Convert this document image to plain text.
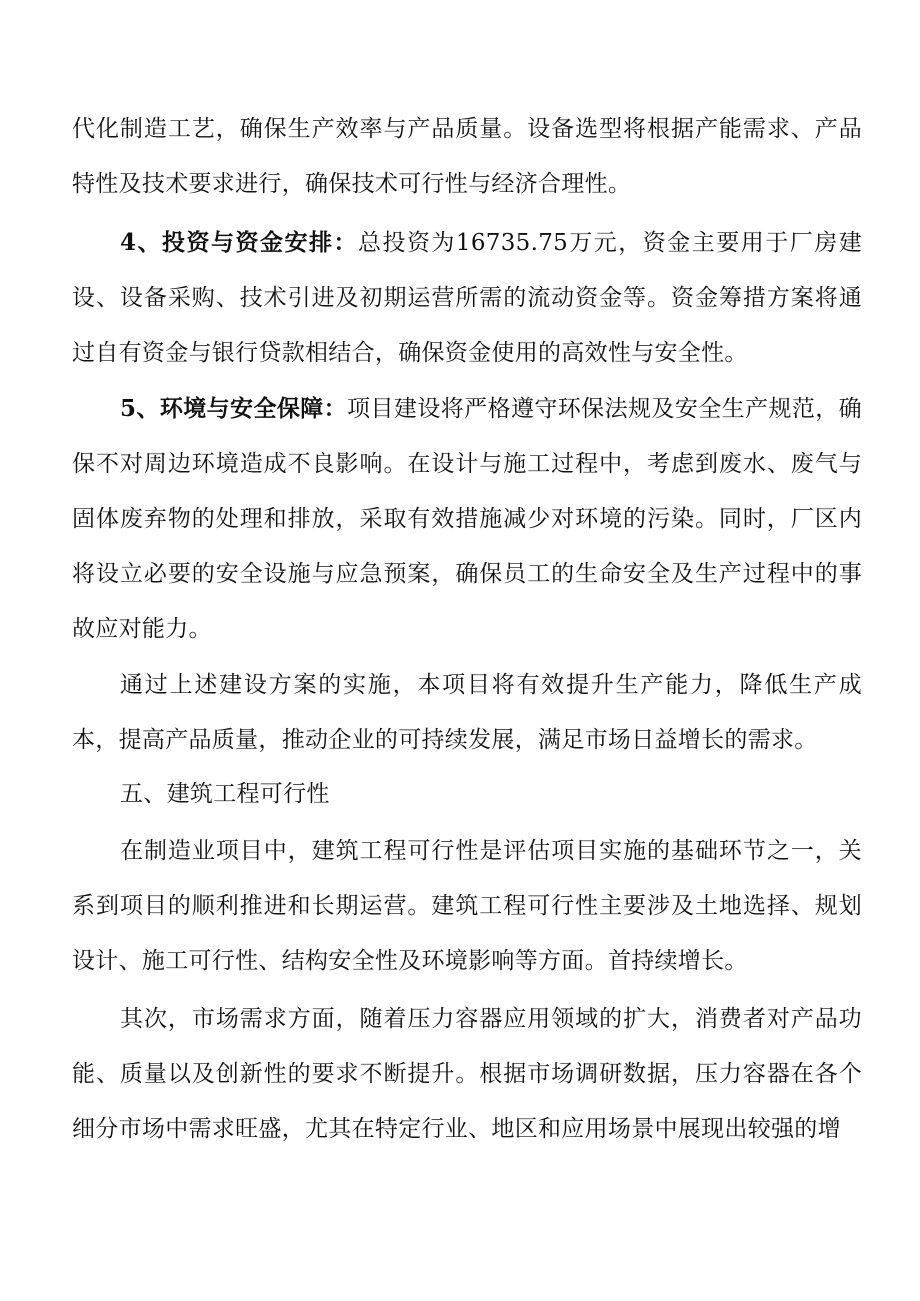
代化制造工艺，确保生产效率与产品质量。设备选型将根据产能需求、产品特性及技术要求进行，确保技术可行性与经济合理性。

4、投资与资金安排：总投资为16735.75万元，资金主要用于厂房建设、设备采购、技术引进及初期运营所需的流动资金等。资金筹措方案将通过自有资金与银行贷款相结合，确保资金使用的高效性与安全性。

5、环境与安全保障：项目建设将严格遵守环保法规及安全生产规范，确保不对周边环境造成不良影响。在设计与施工过程中，考虑到废水、废气与固体废弃物的处理和排放，采取有效措施减少对环境的污染。同时，厂区内将设立必要的安全设施与应急预案，确保员工的生命安全及生产过程中的事故应对能力。

通过上述建设方案的实施，本项目将有效提升生产能力，降低生产成本，提高产品质量，推动企业的可持续发展，满足市场日益增长的需求。

五、建筑工程可行性

在制造业项目中，建筑工程可行性是评估项目实施的基础环节之一，关系到项目的顺利推进和长期运营。建筑工程可行性主要涉及土地选择、规划设计、施工可行性、结构安全性及环境影响等方面。首持续增长。

其次，市场需求方面，随着压力容器应用领域的扩大，消费者对产品功能、质量以及创新性的要求不断提升。根据市场调研数据，压力容器在各个细分市场中需求旺盛，尤其在特定行业、地区和应用场景中展现出较强的增
